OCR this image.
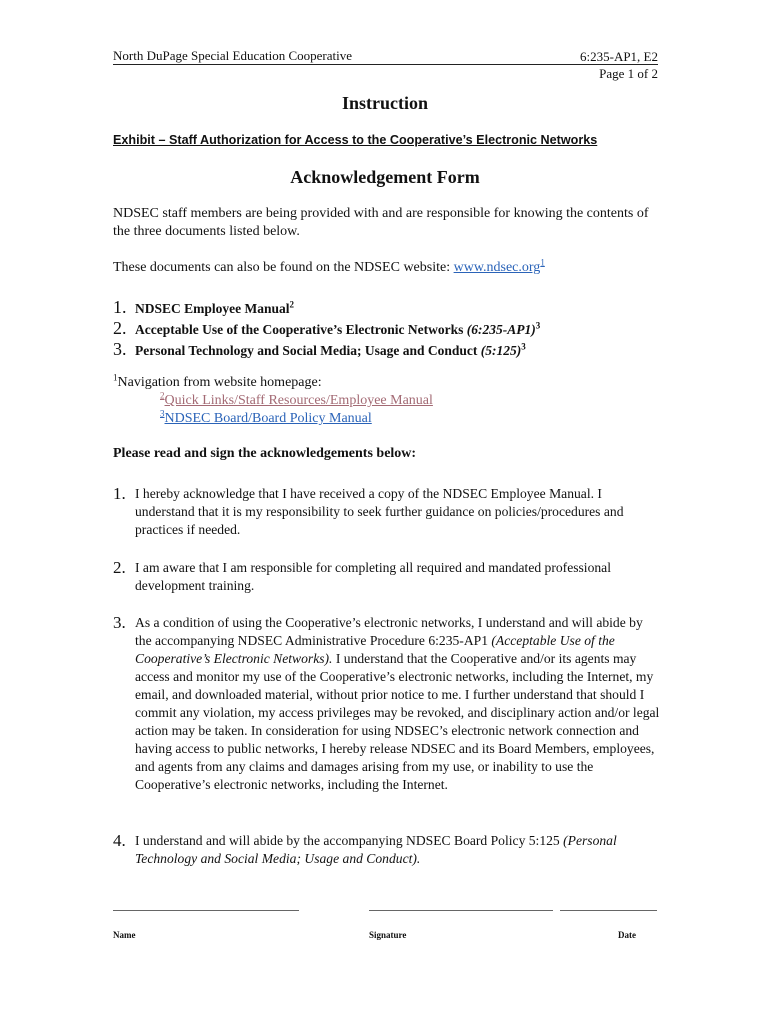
North DuPage Special Education Cooperative	6:235-AP1, E2
Page 1 of 2
Instruction
Exhibit – Staff Authorization for Access to the Cooperative’s Electronic Networks
Acknowledgement Form
NDSEC staff members are being provided with and are responsible for knowing the contents of the three documents listed below.
These documents can also be found on the NDSEC website: www.ndsec.org$^1$
1. NDSEC Employee Manual$^2$
2. Acceptable Use of the Cooperative’s Electronic Networks (6:235-AP1)$^3$
3. Personal Technology and Social Media; Usage and Conduct (5:125)$^3$
$^1$Navigation from website homepage:
$^2$Quick Links/Staff Resources/Employee Manual
$^3$NDSEC Board/Board Policy Manual
Please read and sign the acknowledgements below:
1. I hereby acknowledge that I have received a copy of the NDSEC Employee Manual. I understand that it is my responsibility to seek further guidance on policies/procedures and practices if needed.
2. I am aware that I am responsible for completing all required and mandated professional development training.
3. As a condition of using the Cooperative’s electronic networks, I understand and will abide by the accompanying NDSEC Administrative Procedure 6:235-AP1 (Acceptable Use of the Cooperative’s Electronic Networks). I understand that the Cooperative and/or its agents may access and monitor my use of the Cooperative’s electronic networks, including the Internet, my email, and downloaded material, without prior notice to me. I further understand that should I commit any violation, my access privileges may be revoked, and disciplinary action and/or legal action may be taken. In consideration for using NDSEC’s electronic network connection and having access to public networks, I hereby release NDSEC and its Board Members, employees, and agents from any claims and damages arising from my use, or inability to use the Cooperative’s electronic networks, including the Internet.
4. I understand and will abide by the accompanying NDSEC Board Policy 5:125 (Personal Technology and Social Media; Usage and Conduct).
Name	Signature	Date
